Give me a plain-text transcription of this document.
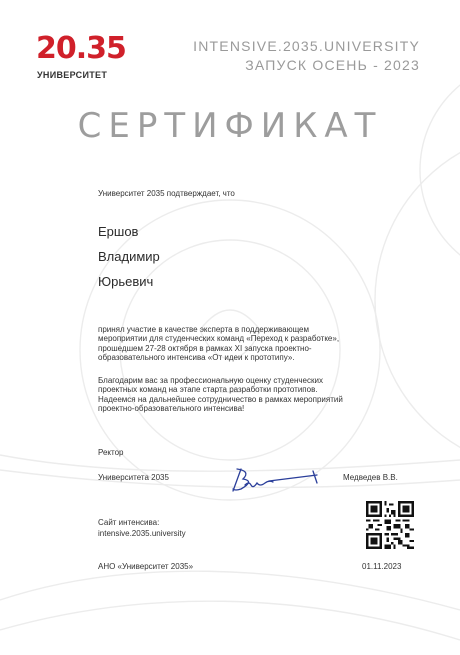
20.35
УНИВЕРСИТЕТ
INTENSIVE.2035.UNIVERSITY
ЗАПУСК ОСЕНЬ - 2023
СЕРТИФИКАТ
Университет 2035 подтверждает, что
Ершов
Владимир
Юрьевич
принял участие в качестве эксперта в поддерживающем
мероприятии для студенческих команд «Переход к разработке»,
прошедшем 27-28 октября в рамках XI запуска проектно-
образовательного интенсива «От идеи к прототипу».
Благодарим вас за профессиональную оценку студенческих
проектных команд на этапе старта разработки прототипов.
Надеемся на дальнейшее сотрудничество в рамках мероприятий
проектно-образовательного интенсива!
Ректор
Университета 2035	Медведев В.В.
Сайт интенсива:
intensive.2035.university
АНО «Университет 2035»	01.11.2023
